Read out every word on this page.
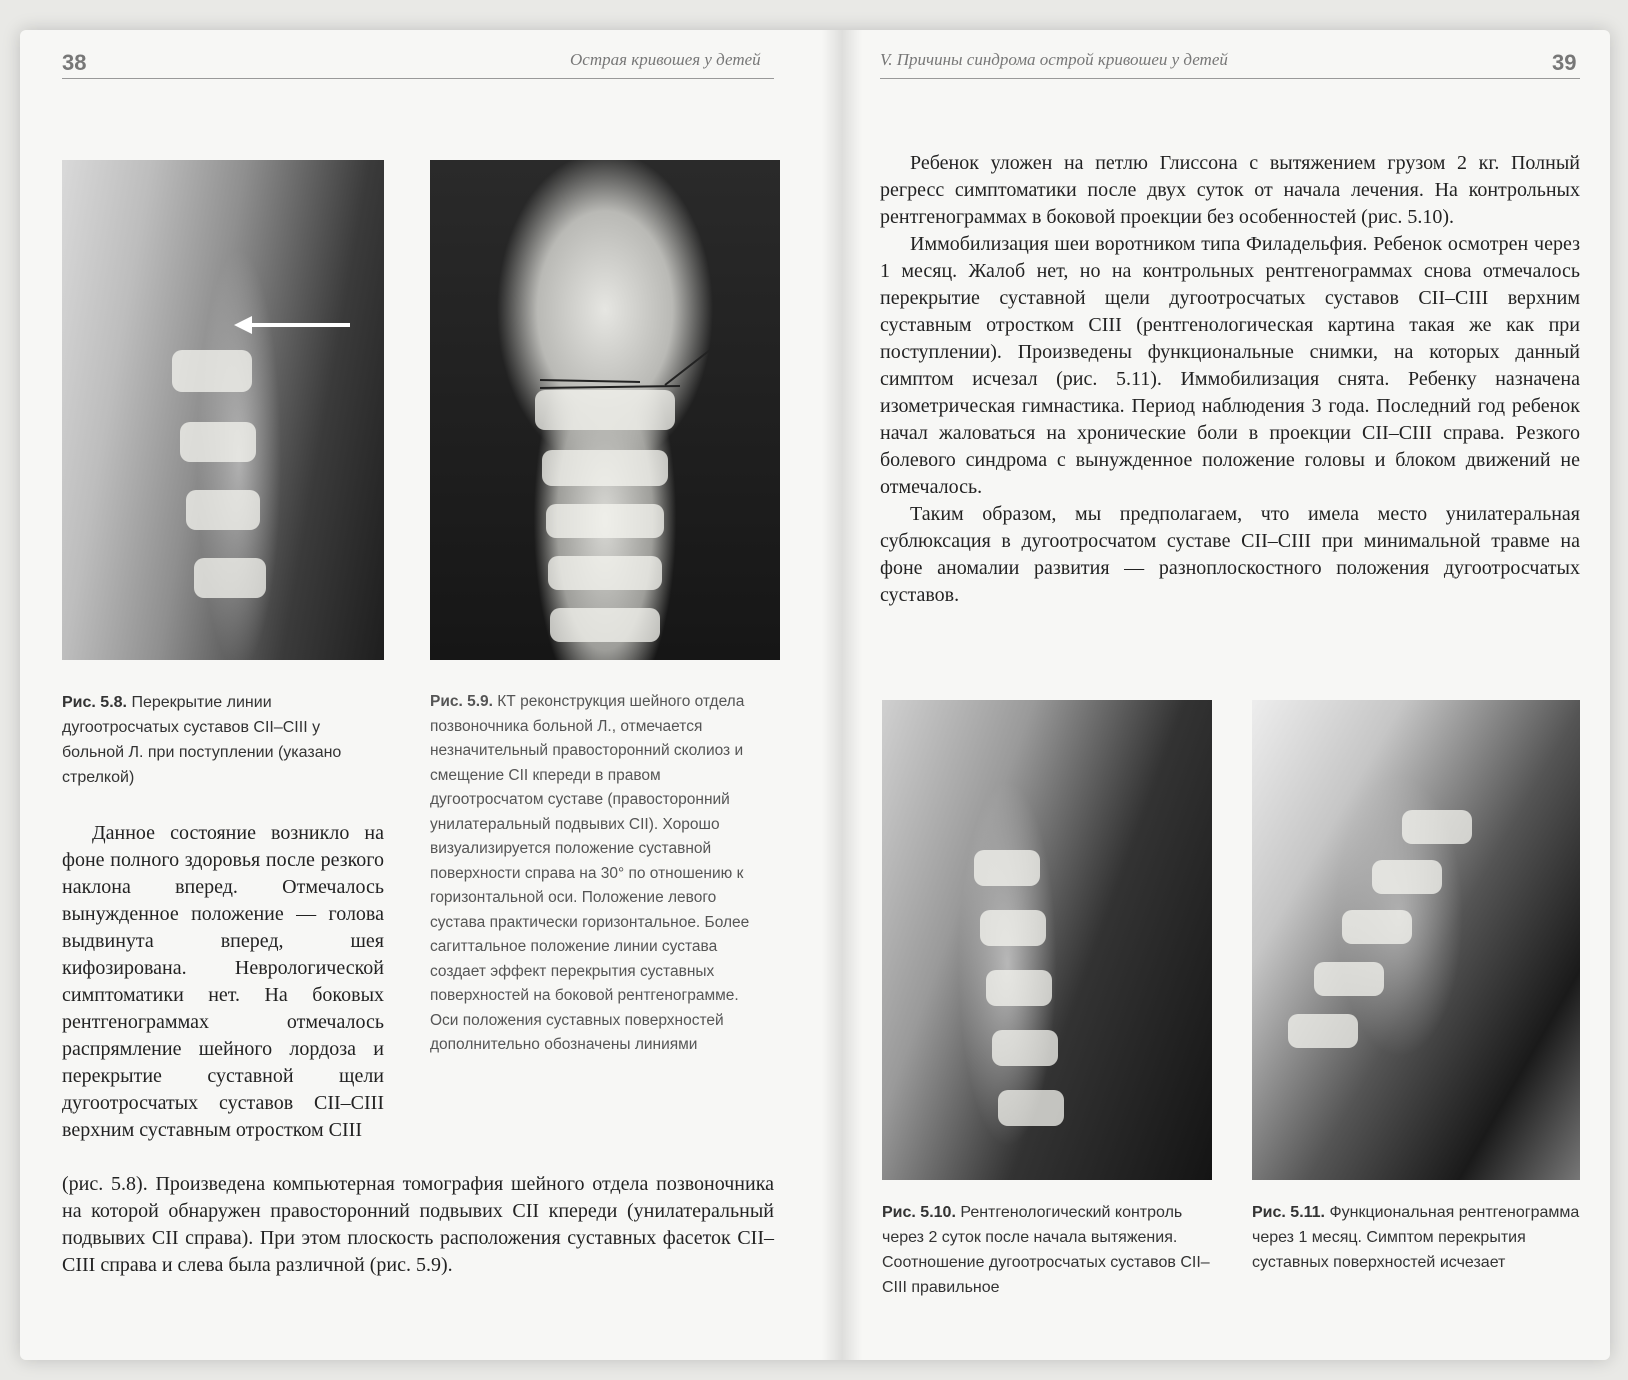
38	Острая кривошея у детей
Рис. 5.8. Перекрытие линии дугоотросчатых суставов CII–CIII у больной Л. при поступлении (указано стрелкой)
Рис. 5.9. КТ реконструкция шейного отдела позвоночника больной Л., отмечается незначительный правосторонний сколиоз и смещение CII кпереди в правом дугоотросчатом суставе (правосторонний унилатеральный подвывих CII). Хорошо визуализируется положение суставной поверхности справа на 30° по отношению к горизонтальной оси. Положение левого сустава практически горизонтальное. Более сагиттальное положение линии сустава создает эффект перекрытия суставных поверхностей на боковой рентгенограмме. Оси положения суставных поверхностей дополнительно обозначены линиями

Данное состояние возникло на фоне полного здоровья после резкого наклона вперед. Отмечалось вынужденное положение — голова выдвинута вперед, шея кифозирована. Неврологической симптоматики нет. На боковых рентгенограммах отмечалось распрямление шейного лордоза и перекрытие суставной щели дугоотросчатых суставов CII–CIII верхним суставным отростком CIII

(рис. 5.8). Произведена компьютерная томография шейного отдела позвоночника на которой обнаружен правосторонний подвывих CII кпереди (унилатеральный подвывих CII справа). При этом плоскость расположения суставных фасеток CII–CIII справа и слева была различной (рис. 5.9).

V. Причины синдрома острой кривошеи у детей	39

Ребенок уложен на петлю Глиссона с вытяжением грузом 2 кг. Полный регресс симптоматики после двух суток от начала лечения. На контрольных рентгенограммах в боковой проекции без особенностей (рис. 5.10).

Иммобилизация шеи воротником типа Филадельфия. Ребенок осмотрен через 1 месяц. Жалоб нет, но на контрольных рентгенограммах снова отмечалось перекрытие суставной щели дугоотросчатых суставов CII–CIII верхним суставным отростком CIII (рентгенологическая картина такая же как при поступлении). Произведены функциональные снимки, на которых данный симптом исчезал (рис. 5.11). Иммобилизация снята. Ребенку назначена изометрическая гимнастика. Период наблюдения 3 года. Последний год ребенок начал жаловаться на хронические боли в проекции CII–CIII справа. Резкого болевого синдрома с вынужденное положение головы и блоком движений не отмечалось.

Таким образом, мы предполагаем, что имела место унилатеральная сублюксация в дугоотросчатом суставе CII–CIII при минимальной травме на фоне аномалии развития — разноплоскостного положения дугоотросчатых суставов.

Рис. 5.10. Рентгенологический контроль через 2 суток после начала вытяжения. Соотношение дугоотросчатых суставов CII–CIII правильное
Рис. 5.11. Функциональная рентгенограмма через 1 месяц. Симптом перекрытия суставных поверхностей исчезает
